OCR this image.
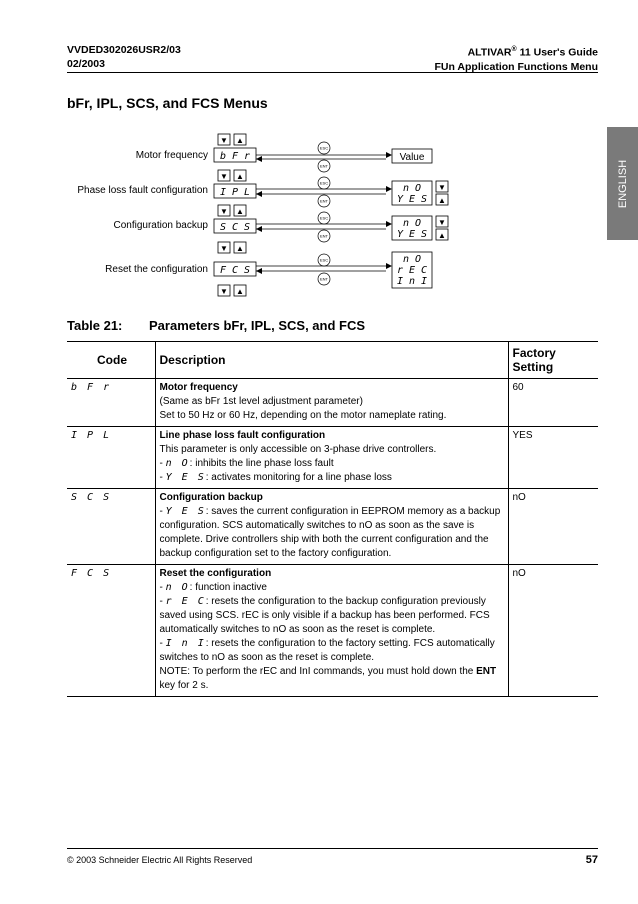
VVDED302026USR2/03
02/2003
ALTIVAR® 11 User's Guide
FUn Application Functions Menu
ENGLISH
bFr, IPL, SCS, and FCS Menus
Motor frequency
▼ ▲
b F r
ESC
ENT
Value
▼ ▲
Phase loss fault configuration I P L
ESC
ENT
n O
Y E S
▼
▲
▼ ▲
Configuration backup S C S
ESC
ENT
n O
Y E S
▼
▲
▼ ▲
Reset the configuration F C S
ESC
ENT
n O
r E C
I n I
▼ ▲
Table 21: Parameters bFr, IPL, SCS, and FCS
Code	Description	Factory
Setting
b F r	Motor frequency
(Same as bFr 1st level adjustment parameter)
Set to 50 Hz or 60 Hz, depending on the motor nameplate rating.	60
I P L	Line phase loss fault configuration
This parameter is only accessible on 3-phase drive controllers.
- n O: inhibits the line phase loss fault
- Y E S: activates monitoring for a line phase loss	YES
S C S	Configuration backup
- Y E S: saves the current configuration in EEPROM memory as a backup configuration. SCS automatically switches to nO as soon as the save is complete. Drive controllers ship with both the current configuration and the backup configuration set to the factory configuration.	nO
F C S	Reset the configuration
- n O: function inactive
- r E C: resets the configuration to the backup configuration previously saved using SCS. rEC is only visible if a backup has been performed. FCS automatically switches to nO as soon as the reset is complete.
- I n I: resets the configuration to the factory setting. FCS automatically switches to nO as soon as the reset is complete.
NOTE: To perform the rEC and InI commands, you must hold down the ENT key for 2 s.	nO
© 2003 Schneider Electric All Rights Reserved	57
